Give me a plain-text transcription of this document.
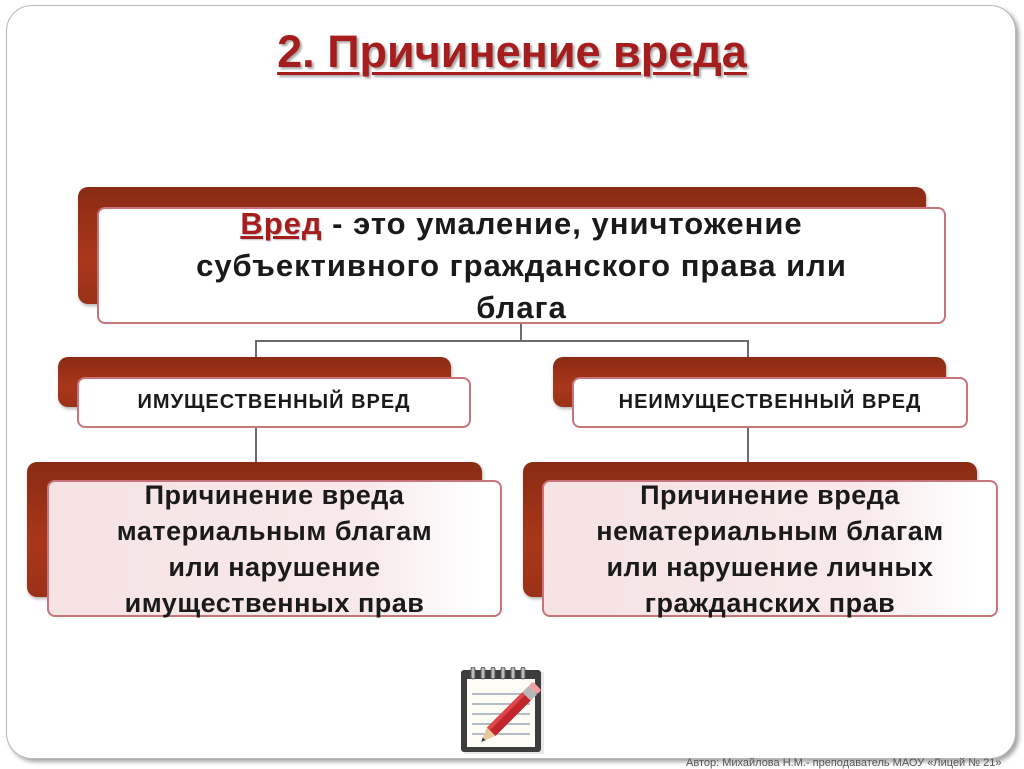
2. Причинение вреда
Вред - это умаление, уничтожение
субъективного гражданского права или
блага
ИМУЩЕСТВЕННЫЙ ВРЕД	НЕИМУЩЕСТВЕННЫЙ ВРЕД
Причинение вреда
материальным благам
или нарушение
имущественных прав
Причинение вреда
нематериальным благам
или нарушение личных
гражданских прав
Автор: Михайлова Н.М.- преподаватель МАОУ «Лицей № 21»
